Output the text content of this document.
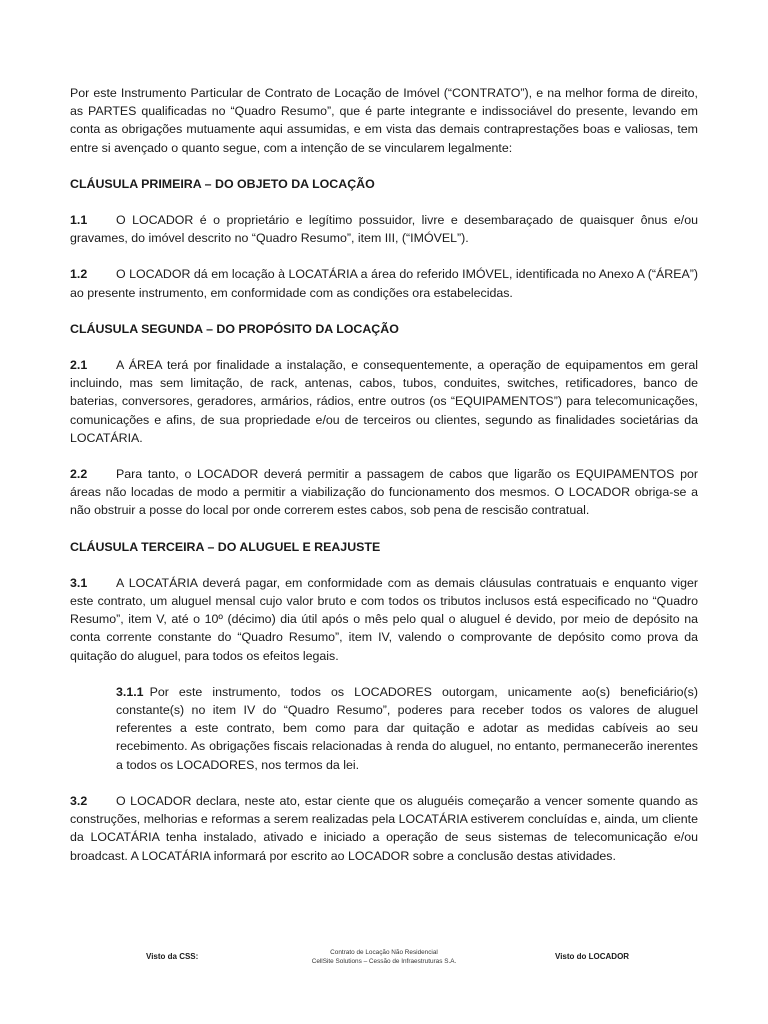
Por este Instrumento Particular de Contrato de Locação de Imóvel (“CONTRATO”), e na melhor forma de direito, as PARTES qualificadas no “Quadro Resumo”, que é parte integrante e indissociável do presente, levando em conta as obrigações mutuamente aqui assumidas, e em vista das demais contraprestações boas e valiosas, tem entre si avençado o quanto segue, com a intenção de se vincularem legalmente:

CLÁUSULA PRIMEIRA – DO OBJETO DA LOCAÇÃO

1.1 O LOCADOR é o proprietário e legítimo possuidor, livre e desembaraçado de quaisquer ônus e/ou gravames, do imóvel descrito no “Quadro Resumo”, item III, (“IMÓVEL”).

1.2 O LOCADOR dá em locação à LOCATÁRIA a área do referido IMÓVEL, identificada no Anexo A (“ÁREA”) ao presente instrumento, em conformidade com as condições ora estabelecidas.

CLÁUSULA SEGUNDA – DO PROPÓSITO DA LOCAÇÃO

2.1 A ÁREA terá por finalidade a instalação, e consequentemente, a operação de equipamentos em geral incluindo, mas sem limitação, de rack, antenas, cabos, tubos, conduites, switches, retificadores, banco de baterias, conversores, geradores, armários, rádios, entre outros (os “EQUIPAMENTOS”) para telecomunicações, comunicações e afins, de sua propriedade e/ou de terceiros ou clientes, segundo as finalidades societárias da LOCATÁRIA.

2.2 Para tanto, o LOCADOR deverá permitir a passagem de cabos que ligarão os EQUIPAMENTOS por áreas não locadas de modo a permitir a viabilização do funcionamento dos mesmos. O LOCADOR obriga-se a não obstruir a posse do local por onde correrem estes cabos, sob pena de rescisão contratual.

CLÁUSULA TERCEIRA – DO ALUGUEL E REAJUSTE

3.1 A LOCATÁRIA deverá pagar, em conformidade com as demais cláusulas contratuais e enquanto viger este contrato, um aluguel mensal cujo valor bruto e com todos os tributos inclusos está especificado no “Quadro Resumo”, item V, até o 10º (décimo) dia útil após o mês pelo qual o aluguel é devido, por meio de depósito na conta corrente constante do “Quadro Resumo”, item IV, valendo o comprovante de depósito como prova da quitação do aluguel, para todos os efeitos legais.

3.1.1 Por este instrumento, todos os LOCADORES outorgam, unicamente ao(s) beneficiário(s) constante(s) no item IV do “Quadro Resumo”, poderes para receber todos os valores de aluguel referentes a este contrato, bem como para dar quitação e adotar as medidas cabíveis ao seu recebimento. As obrigações fiscais relacionadas à renda do aluguel, no entanto, permanecerão inerentes a todos os LOCADORES, nos termos da lei.

3.2 O LOCADOR declara, neste ato, estar ciente que os aluguéis começarão a vencer somente quando as construções, melhorias e reformas a serem realizadas pela LOCATÁRIA estiverem concluídas e, ainda, um cliente da LOCATÁRIA tenha instalado, ativado e iniciado a operação de seus sistemas de telecomunicação e/ou broadcast. A LOCATÁRIA informará por escrito ao LOCADOR sobre a conclusão destas atividades.

Visto da CSS:	Contrato de Locação Não Residencial
CellSite Solutions – Cessão de Infraestruturas S.A.
Visto do LOCADOR
